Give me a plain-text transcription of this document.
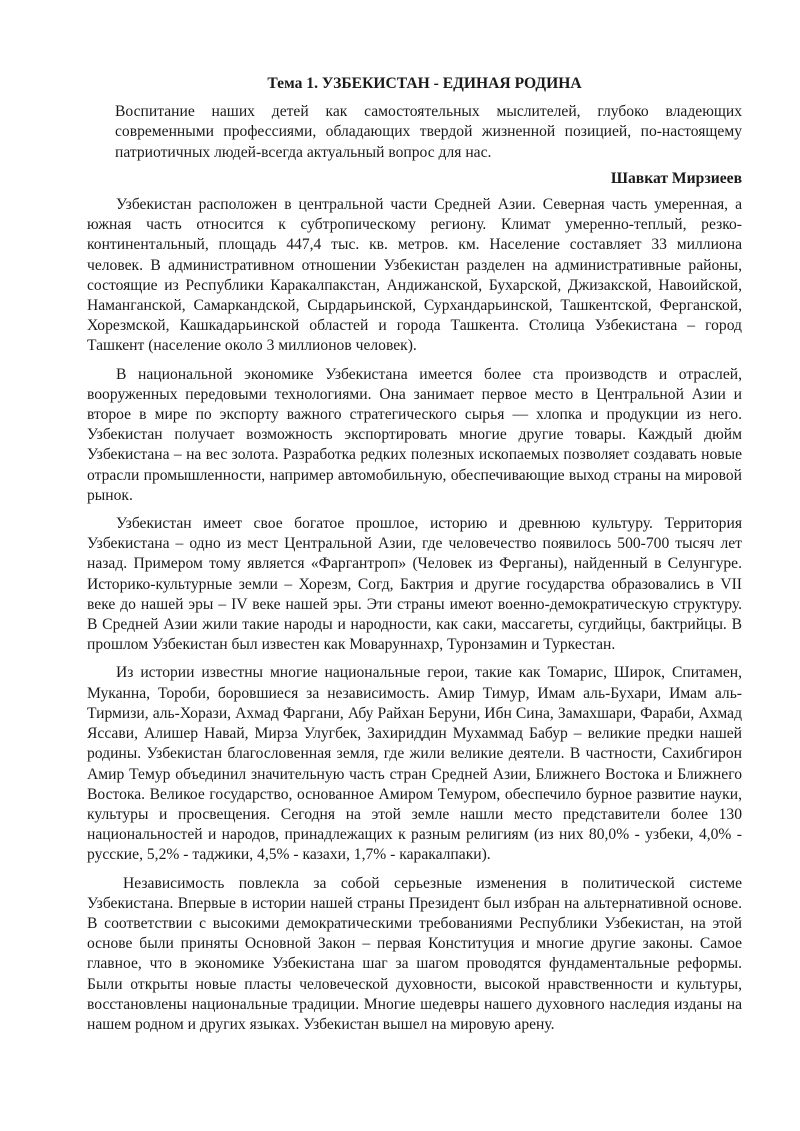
Тема 1. УЗБЕКИСТАН - ЕДИНАЯ РОДИНА
Воспитание наших детей как самостоятельных мыслителей, глубоко владеющих современными профессиями, обладающих твердой жизненной позицией, по-настоящему патриотичных людей-всегда актуальный вопрос для нас.
Шавкат Мирзиеев

Узбекистан расположен в центральной части Средней Азии. Северная часть умеренная, а южная часть относится к субтропическому региону. Климат умеренно-теплый, резко-континентальный, площадь 447,4 тыс. кв. метров. км. Население составляет 33 миллиона человек. В административном отношении Узбекистан разделен на административные районы, состоящие из Республики Каракалпакстан, Андижанской, Бухарской, Джизакской, Навоийской, Наманганской, Самаркандской, Сырдарьинской, Сурхандарьинской, Ташкентской, Ферганской, Хорезмской, Кашкадарьинской областей и города Ташкента. Столица Узбекистана – город Ташкент (население около 3 миллионов человек).

В национальной экономике Узбекистана имеется более ста производств и отраслей, вооруженных передовыми технологиями. Она занимает первое место в Центральной Азии и второе в мире по экспорту важного стратегического сырья — хлопка и продукции из него. Узбекистан получает возможность экспортировать многие другие товары. Каждый дюйм Узбекистана – на вес золота. Разработка редких полезных ископаемых позволяет создавать новые отрасли промышленности, например автомобильную, обеспечивающие выход страны на мировой рынок.

Узбекистан имеет свое богатое прошлое, историю и древнюю культуру. Территория Узбекистана – одно из мест Центральной Азии, где человечество появилось 500-700 тысяч лет назад. Примером тому является «Фаргантроп» (Человек из Ферганы), найденный в Селунгуре. Историко-культурные земли – Хорезм, Согд, Бактрия и другие государства образовались в VII веке до нашей эры – IV веке нашей эры. Эти страны имеют военно-демократическую структуру. В Средней Азии жили такие народы и народности, как саки, массагеты, сугдийцы, бактрийцы. В прошлом Узбекистан был известен как Моваруннахр, Туронзамин и Туркестан.

Из истории известны многие национальные герои, такие как Томарис, Широк, Спитамен, Муканна, Тороби, боровшиеся за независимость. Амир Тимур, Имам аль-Бухари, Имам аль-Тирмизи, аль-Хорази, Ахмад Фаргани, Абу Райхан Беруни, Ибн Сина, Замахшари, Фараби, Ахмад Яссави, Алишер Навай, Мирза Улугбек, Захириддин Мухаммад Бабур – великие предки нашей родины. Узбекистан благословенная земля, где жили великие деятели. В частности, Сахибгирон Амир Темур объединил значительную часть стран Средней Азии, Ближнего Востока и Ближнего Востока. Великое государство, основанное Амиром Темуром, обеспечило бурное развитие науки, культуры и просвещения. Сегодня на этой земле нашли место представители более 130 национальностей и народов, принадлежащих к разным религиям (из них 80,0% - узбеки, 4,0% - русские, 5,2% - таджики, 4,5% - казахи, 1,7% - каракалпаки).

Независимость повлекла за собой серьезные изменения в политической системе Узбекистана. Впервые в истории нашей страны Президент был избран на альтернативной основе. В соответствии с высокими демократическими требованиями Республики Узбекистан, на этой основе были приняты Основной Закон – первая Конституция и многие другие законы. Самое главное, что в экономике Узбекистана шаг за шагом проводятся фундаментальные реформы. Были открыты новые пласты человеческой духовности, высокой нравственности и культуры, восстановлены национальные традиции. Многие шедевры нашего духовного наследия изданы на нашем родном и других языках. Узбекистан вышел на мировую арену.
